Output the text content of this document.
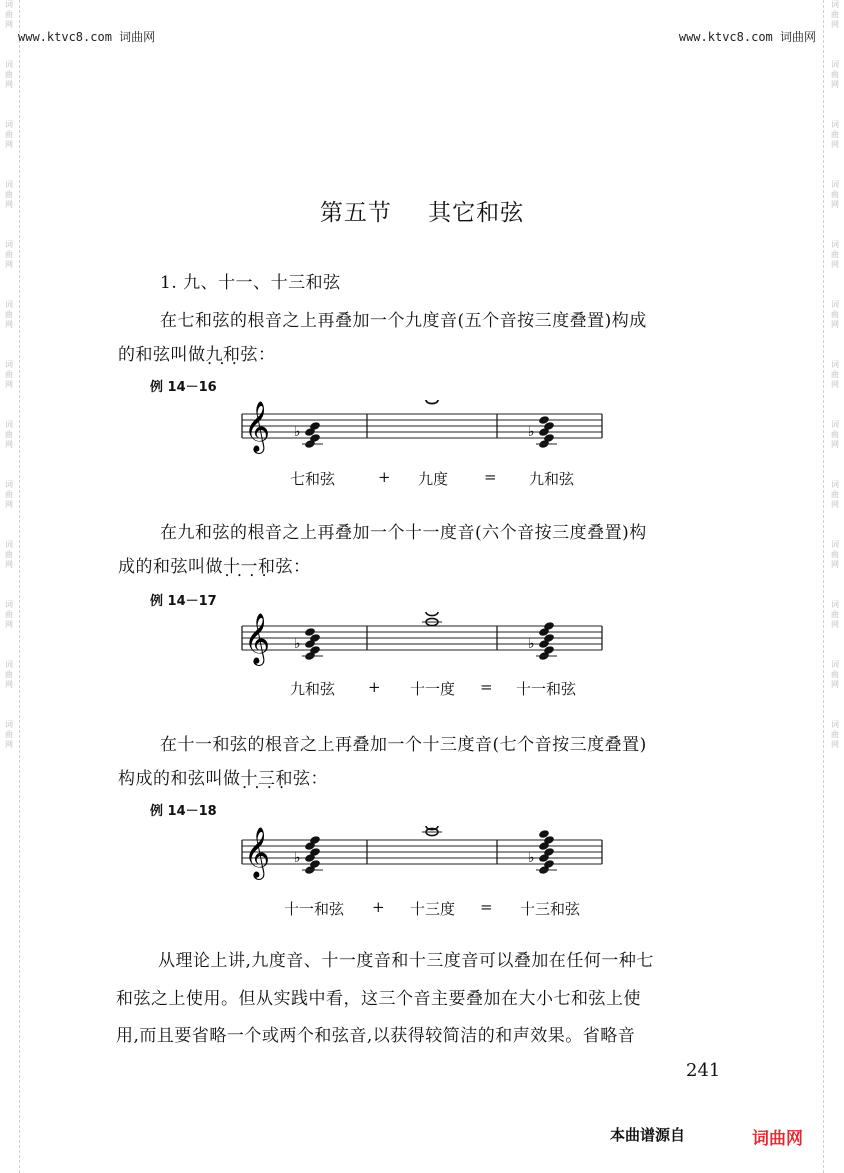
词
曲
网
词
曲
网
词
曲
网
词
曲
网
词
曲
网
词
曲
网
词
曲
网
词
曲
网
词
曲
网
词
曲
网
词
曲
网
词
曲
网
词
曲
网
词
曲
网
词
曲
网
词
曲
网
词
曲
网
词
曲
网
词
曲
网
词
曲
网
词
曲
网
词
曲
网
词
曲
网
词
曲
网
词
曲
网
词
曲
网
www.ktvc8.com 词曲网	www.ktvc8.com 词曲网
第五节 其它和弦
1. 九、十一、十三和弦
在七和弦的根音之上再叠加一个九度音(五个音按三度叠置)构成
的和弦叫做九和弦 • • •：
例 14－16
𝄞 ♭	♭
七和弦	+ 九度 = 九和弦
在九和弦的根音之上再叠加一个十一度音(六个音按三度叠置)构
成的和弦叫做十一和弦 • • • •：
例 14－17
𝄞 ♭	♭
九和弦 + 十一度 = 十一和弦
在十一和弦的根音之上再叠加一个十三度音(七个音按三度叠置)
构成的和弦叫做十三和弦 • • • •：
例 14－18
𝄞 ♭	♭
十一和弦 + 十三度 = 十三和弦
从理论上讲,九度音、十一度音和十三度音可以叠加在任何一种七
和弦之上使用。但从实践中看，这三个音主要叠加在大小七和弦上使
用,而且要省略一个或两个和弦音,以获得较简洁的和声效果。省略音
241
本曲谱源自	词曲网
